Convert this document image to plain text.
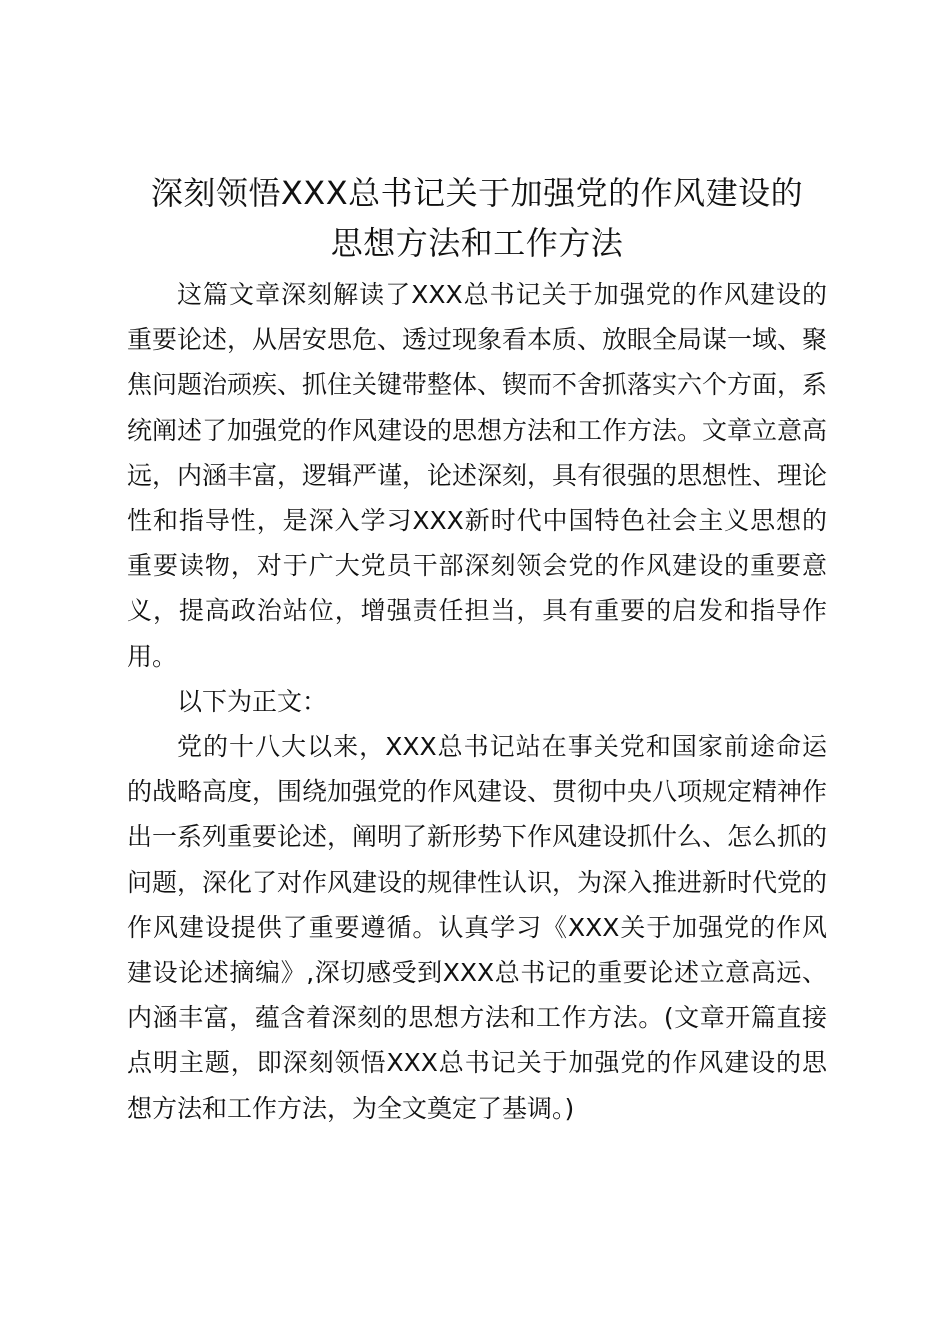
深刻领悟XXX总书记关于加强党的作风建设的
思想方法和工作方法

这篇文章深刻解读了XXX总书记关于加强党的作风建设的重要论述，从居安思危、透过现象看本质、放眼全局谋一域、聚焦问题治顽疾、抓住关键带整体、锲而不舍抓落实六个方面，系统阐述了加强党的作风建设的思想方法和工作方法。文章立意高远，内涵丰富，逻辑严谨，论述深刻，具有很强的思想性、理论性和指导性，是深入学习XXX新时代中国特色社会主义思想的重要读物，对于广大党员干部深刻领会党的作风建设的重要意义，提高政治站位，增强责任担当，具有重要的启发和指导作用。

以下为正文：

党的十八大以来，XXX总书记站在事关党和国家前途命运的战略高度，围绕加强党的作风建设、贯彻中央八项规定精神作出一系列重要论述，阐明了新形势下作风建设抓什么、怎么抓的问题，深化了对作风建设的规律性认识，为深入推进新时代党的作风建设提供了重要遵循。认真学习《XXX关于加强党的作风建设论述摘编》,深切感受到XXX总书记的重要论述立意高远、内涵丰富，蕴含着深刻的思想方法和工作方法。(文章开篇直接点明主题，即深刻领悟XXX总书记关于加强党的作风建设的思想方法和工作方法，为全文奠定了基调。)
